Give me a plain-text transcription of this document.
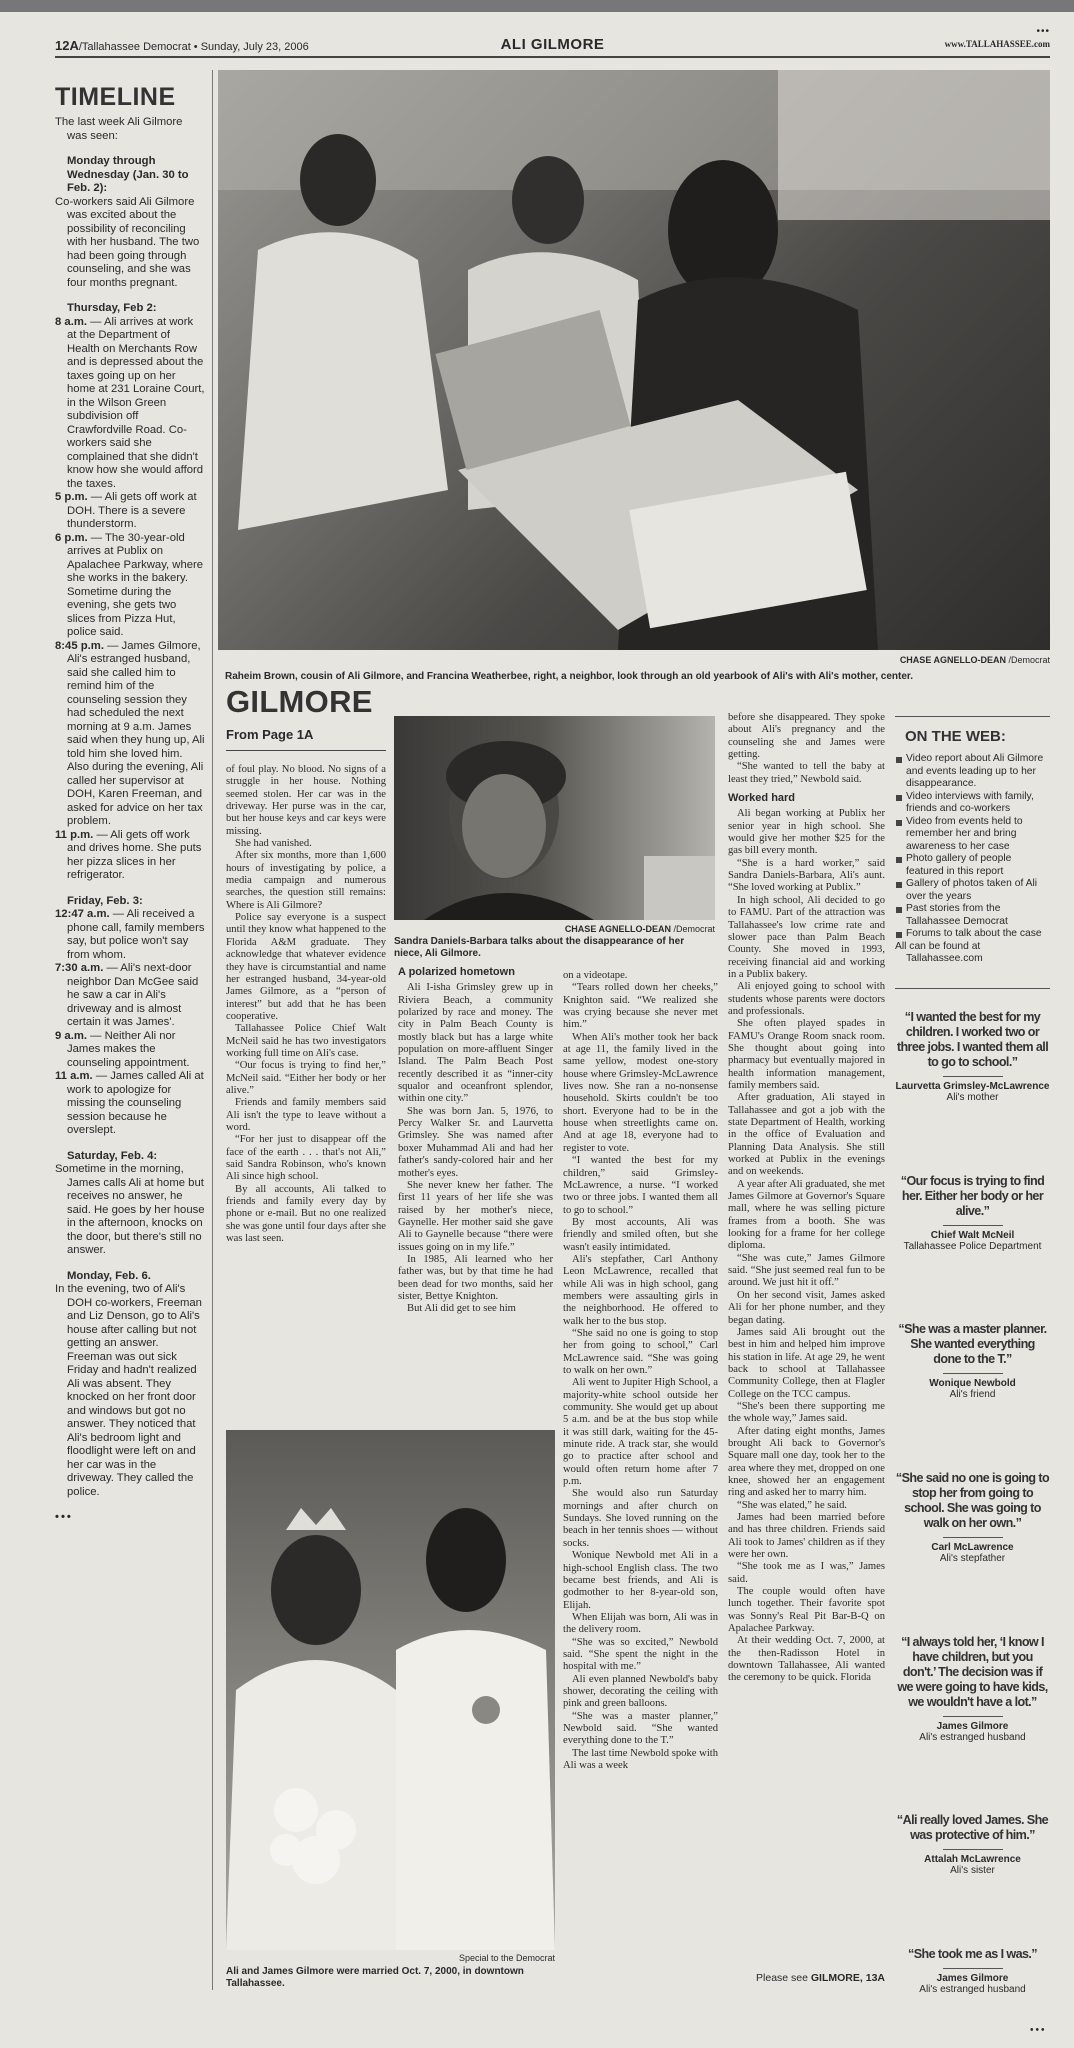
12A/Tallahassee Democrat • Sunday, July 23, 2006	ALI GILMORE
•••
www.TALLAHASSEE.com
TIMELINE

The last week Ali Gilmore was seen:

Monday through Wednesday (Jan. 30 to Feb. 2):
Co-workers said Ali Gilmore was excited about the possibility of reconciling with her husband. The two had been going through counseling, and she was four months pregnant.
Thursday, Feb 2:
8 a.m. — Ali arrives at work at the Department of Health on Merchants Row and is depressed about the taxes going up on her home at 231 Loraine Court, in the Wilson Green subdivision off Crawfordville Road. Co-workers said she complained that she didn't know how she would afford the taxes.
5 p.m. — Ali gets off work at DOH. There is a severe thunderstorm.
6 p.m. — The 30-year-old arrives at Publix on Apalachee Parkway, where she works in the bakery. Sometime during the evening, she gets two slices from Pizza Hut, police said.
8:45 p.m. — James Gilmore, Ali's estranged husband, said she called him to remind him of the counseling session they had scheduled the next morning at 9 a.m. James said when they hung up, Ali told him she loved him. Also during the evening, Ali called her supervisor at DOH, Karen Freeman, and asked for advice on her tax problem.
11 p.m. — Ali gets off work and drives home. She puts her pizza slices in her refrigerator.
Friday, Feb. 3:
12:47 a.m. — Ali received a phone call, family members say, but police won't say from whom.
7:30 a.m. — Ali's next-door neighbor Dan McGee said he saw a car in Ali's driveway and is almost certain it was James'.
9 a.m. — Neither Ali nor James makes the counseling appointment.
11 a.m. — James called Ali at work to apologize for missing the counseling session because he overslept.
Saturday, Feb. 4:
Sometime in the morning, James calls Ali at home but receives no answer, he said. He goes by her house in the afternoon, knocks on the door, but there's still no answer.
Monday, Feb. 6.
In the evening, two of Ali's DOH co-workers, Freeman and Liz Denson, go to Ali's house after calling but not getting an answer. Freeman was out sick Friday and hadn't realized Ali was absent. They knocked on her front door and windows but got no answer. They noticed that Ali's bedroom light and floodlight were left on and her car was in the driveway. They called the police.
•••
CHASE AGNELLO-DEAN /Democrat
Raheim Brown, cousin of Ali Gilmore, and Francina Weatherbee, right, a neighbor, look through an old yearbook of Ali's with Ali's mother, center.
GILMORE
From Page 1A
CHASE AGNELLO-DEAN /Democrat
Sandra Daniels-Barbara talks about the disappearance of her niece, Ali Gilmore.
Special to the Democrat
Ali and James Gilmore were married Oct. 7, 2000, in downtown Tallahassee.

of foul play. No blood. No signs of a struggle in her house. Nothing seemed stolen. Her car was in the driveway. Her purse was in the car, but her house keys and car keys were missing.

She had vanished.

After six months, more than 1,600 hours of investigating by police, a media campaign and numerous searches, the question still remains: Where is Ali Gilmore?

Police say everyone is a suspect until they know what happened to the Florida A&M graduate. They acknowledge that whatever evidence they have is circumstantial and name her estranged husband, 34-year-old James Gilmore, as a “person of interest” but add that he has been cooperative.

Tallahassee Police Chief Walt McNeil said he has two investigators working full time on Ali's case.

“Our focus is trying to find her,” McNeil said. “Either her body or her alive.”

Friends and family members said Ali isn't the type to leave without a word.

“For her just to disappear off the face of the earth . . . that's not Ali,” said Sandra Robinson, who's known Ali since high school.

By all accounts, Ali talked to friends and family every day by phone or e-mail. But no one realized she was gone until four days after she was last seen.

A polarized hometown

Ali I-isha Grimsley grew up in Riviera Beach, a community polarized by race and money. The city in Palm Beach County is mostly black but has a large white population on more-affluent Singer Island. The Palm Beach Post recently described it as “inner-city squalor and oceanfront splendor, within one city.”

She was born Jan. 5, 1976, to Percy Walker Sr. and Laurvetta Grimsley. She was named after boxer Muhammad Ali and had her father's sandy-colored hair and her mother's eyes.

She never knew her father. The first 11 years of her life she was raised by her mother's niece, Gaynelle. Her mother said she gave Ali to Gaynelle because “there were issues going on in my life.”

In 1985, Ali learned who her father was, but by that time he had been dead for two months, said her sister, Bettye Knighton.

But Ali did get to see him

on a videotape.

“Tears rolled down her cheeks,” Knighton said. “We realized she was crying because she never met him.”

When Ali's mother took her back at age 11, the family lived in the same yellow, modest one-story house where Grimsley-McLawrence lives now. She ran a no-nonsense household. Skirts couldn't be too short. Everyone had to be in the house when streetlights came on. And at age 18, everyone had to register to vote.

“I wanted the best for my children,” said Grimsley-McLawrence, a nurse. “I worked two or three jobs. I wanted them all to go to school.”

By most accounts, Ali was friendly and smiled often, but she wasn't easily intimidated.

Ali's stepfather, Carl Anthony Leon McLawrence, recalled that while Ali was in high school, gang members were assaulting girls in the neighborhood. He offered to walk her to the bus stop.

“She said no one is going to stop her from going to school,” Carl McLawrence said. “She was going to walk on her own.”

Ali went to Jupiter High School, a majority-white school outside her community. She would get up about 5 a.m. and be at the bus stop while it was still dark, waiting for the 45-minute ride. A track star, she would go to practice after school and would often return home after 7 p.m.

She would also run Saturday mornings and after church on Sundays. She loved running on the beach in her tennis shoes — without socks.

Wonique Newbold met Ali in a high-school English class. The two became best friends, and Ali is godmother to her 8-year-old son, Elijah.

When Elijah was born, Ali was in the delivery room.

“She was so excited,” Newbold said. “She spent the night in the hospital with me.”

Ali even planned Newbold's baby shower, decorating the ceiling with pink and green balloons.

“She was a master planner,” Newbold said. “She wanted everything done to the T.”

The last time Newbold spoke with Ali was a week

before she disappeared. They spoke about Ali's pregnancy and the counseling she and James were getting.

“She wanted to tell the baby at least they tried,” Newbold said.

Worked hard

Ali began working at Publix her senior year in high school. She would give her mother $25 for the gas bill every month.

“She is a hard worker,” said Sandra Daniels-Barbara, Ali's aunt. “She loved working at Publix.”

In high school, Ali decided to go to FAMU. Part of the attraction was Tallahassee's low crime rate and slower pace than Palm Beach County. She moved in 1993, receiving financial aid and working in a Publix bakery.

Ali enjoyed going to school with students whose parents were doctors and professionals.

She often played spades in FAMU's Orange Room snack room. She thought about going into pharmacy but eventually majored in health information management, family members said.

After graduation, Ali stayed in Tallahassee and got a job with the state Department of Health, working in the office of Evaluation and Planning Data Analysis. She still worked at Publix in the evenings and on weekends.

A year after Ali graduated, she met James Gilmore at Governor's Square mall, where he was selling picture frames from a booth. She was looking for a frame for her college diploma.

“She was cute,” James Gilmore said. “She just seemed real fun to be around. We just hit it off.”

On her second visit, James asked Ali for her phone number, and they began dating.

James said Ali brought out the best in him and helped him improve his station in life. At age 29, he went back to school at Tallahassee Community College, then at Flagler College on the TCC campus.

“She's been there supporting me the whole way,” James said.

After dating eight months, James brought Ali back to Governor's Square mall one day, took her to the area where they met, dropped on one knee, showed her an engagement ring and asked her to marry him.

“She was elated,” he said.

James had been married before and has three children. Friends said Ali took to James' children as if they were her own.

“She took me as I was,” James said.

The couple would often have lunch together. Their favorite spot was Sonny's Real Pit Bar-B-Q on Apalachee Parkway.

At their wedding Oct. 7, 2000, at the then-Radisson Hotel in downtown Tallahassee, Ali wanted the ceremony to be quick. Florida

Please see GILMORE, 13A
ON THE WEB:
Video report about Ali Gilmore and events leading up to her disappearance.
Video interviews with family, friends and co-workers
Video from events held to remember her and bring awareness to her case
Photo gallery of people featured in this report
Gallery of photos taken of Ali over the years
Past stories from the Tallahassee Democrat
Forums to talk about the case
All can be found at Tallahassee.com
“I wanted the best for my children. I worked two or three jobs. I wanted them all to go to school.”
Laurvetta Grimsley-McLawrence
Ali's mother
“Our focus is trying to find her. Either her body or her alive.”
Chief Walt McNeil
Tallahassee Police Department
“She was a master planner. She wanted everything done to the T.”
Wonique Newbold
Ali's friend
“She said no one is going to stop her from going to school. She was going to walk on her own.”
Carl McLawrence
Ali's stepfather
“I always told her, ‘I know I have children, but you don't.’ The decision was if we were going to have kids, we wouldn't have a lot.”
James Gilmore
Ali's estranged husband
“Ali really loved James. She was protective of him.”
Attalah McLawrence
Ali's sister
“She took me as I was.”
James Gilmore
Ali's estranged husband
•••
